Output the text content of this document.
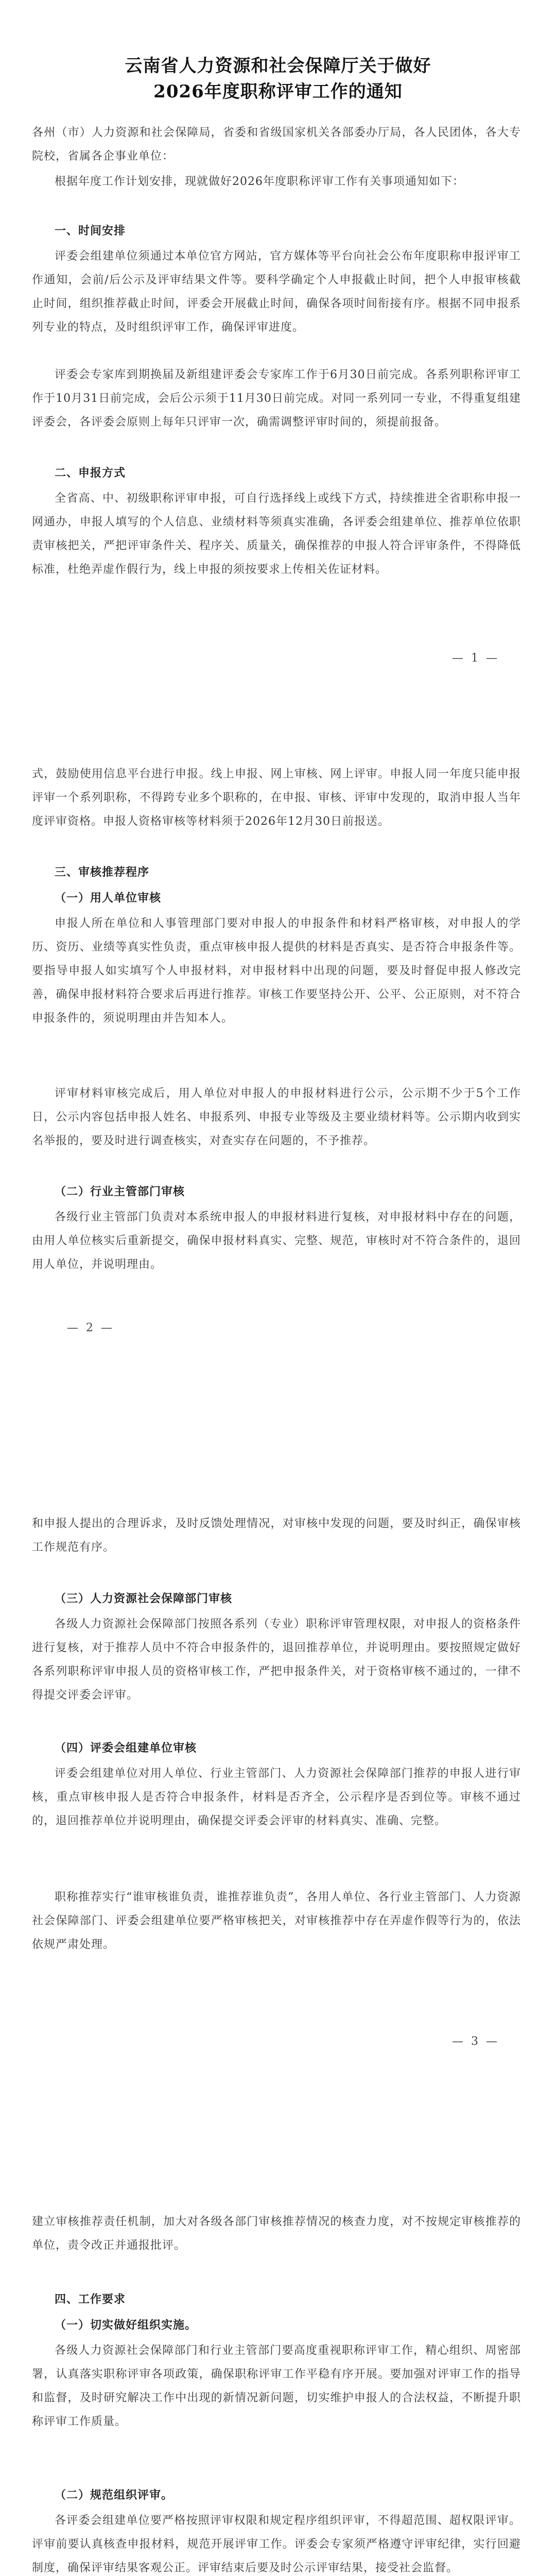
云南省人力资源和社会保障厅关于做好
2026年度职称评审工作的通知

各州（市）人力资源和社会保障局，省委和省级国家机关各部委办厅局，各人民团体，各大专院校，省属各企事业单位：

根据年度工作计划安排，现就做好2026年度职称评审工作有关事项通知如下：

一、时间安排

评委会组建单位须通过本单位官方网站，官方媒体等平台向社会公布年度职称申报评审工作通知，会前/后公示及评审结果文件等。要科学确定个人申报截止时间，把个人申报审核截止时间，组织推荐截止时间，评委会开展截止时间，确保各项时间衔接有序。根据不同申报系列专业的特点，及时组织评审工作，确保评审进度。

评委会专家库到期换届及新组建评委会专家库工作于6月30日前完成。各系列职称评审工作于10月31日前完成，会后公示须于11月30日前完成。对同一系列同一专业，不得重复组建评委会，各评委会原则上每年只评审一次，确需调整评审时间的，须提前报备。

二、申报方式

全省高、中、初级职称评审申报，可自行选择线上或线下方式，持续推进全省职称申报一网通办，申报人填写的个人信息、业绩材料等须真实准确，各评委会组建单位、推荐单位依职责审核把关，严把评审条件关、程序关、质量关，确保推荐的申报人符合评审条件，不得降低标准，杜绝弄虚作假行为，线上申报的须按要求上传相关佐证材料。

— 1 —

式，鼓励使用信息平台进行申报。线上申报、网上审核、网上评审。申报人同一年度只能申报评审一个系列职称，不得跨专业多个职称的，在申报、审核、评审中发现的，取消申报人当年度评审资格。申报人资格审核等材料须于2026年12月30日前报送。

三、审核推荐程序

（一）用人单位审核

申报人所在单位和人事管理部门要对申报人的申报条件和材料严格审核，对申报人的学历、资历、业绩等真实性负责，重点审核申报人提供的材料是否真实、是否符合申报条件等。要指导申报人如实填写个人申报材料，对申报材料中出现的问题，要及时督促申报人修改完善，确保申报材料符合要求后再进行推荐。审核工作要坚持公开、公平、公正原则，对不符合申报条件的，须说明理由并告知本人。

评审材料审核完成后，用人单位对申报人的申报材料进行公示，公示期不少于5个工作日，公示内容包括申报人姓名、申报系列、申报专业等级及主要业绩材料等。公示期内收到实名举报的，要及时进行调查核实，对查实存在问题的，不予推荐。

（二）行业主管部门审核

各级行业主管部门负责对本系统申报人的申报材料进行复核，对申报材料中存在的问题，由用人单位核实后重新提交，确保申报材料真实、完整、规范，审核时对不符合条件的，退回用人单位，并说明理由。

— 2 —

和申报人提出的合理诉求，及时反馈处理情况，对审核中发现的问题，要及时纠正，确保审核工作规范有序。

（三）人力资源社会保障部门审核

各级人力资源社会保障部门按照各系列（专业）职称评审管理权限，对申报人的资格条件进行复核，对于推荐人员中不符合申报条件的，退回推荐单位，并说明理由。要按照规定做好各系列职称评审申报人员的资格审核工作，严把申报条件关，对于资格审核不通过的，一律不得提交评委会评审。

（四）评委会组建单位审核

评委会组建单位对用人单位、行业主管部门、人力资源社会保障部门推荐的申报人进行审核，重点审核申报人是否符合申报条件，材料是否齐全，公示程序是否到位等。审核不通过的，退回推荐单位并说明理由，确保提交评委会评审的材料真实、准确、完整。

职称推荐实行“谁审核谁负责，谁推荐谁负责”，各用人单位、各行业主管部门、人力资源社会保障部门、评委会组建单位要严格审核把关，对审核推荐中存在弄虚作假等行为的，依法依规严肃处理。

— 3 —

建立审核推荐责任机制，加大对各级各部门审核推荐情况的核查力度，对不按规定审核推荐的单位，责令改正并通报批评。

四、工作要求

（一）切实做好组织实施。

各级人力资源社会保障部门和行业主管部门要高度重视职称评审工作，精心组织、周密部署，认真落实职称评审各项政策，确保职称评审工作平稳有序开展。要加强对评审工作的指导和监督，及时研究解决工作中出现的新情况新问题，切实维护申报人的合法权益，不断提升职称评审工作质量。

（二）规范组织评审。

各评委会组建单位要严格按照评审权限和规定程序组织评审，不得超范围、超权限评审。评审前要认真核查申报材料，规范开展评审工作。评委会专家须严格遵守评审纪律，实行回避制度，确保评审结果客观公正。评审结束后要及时公示评审结果，接受社会监督。
